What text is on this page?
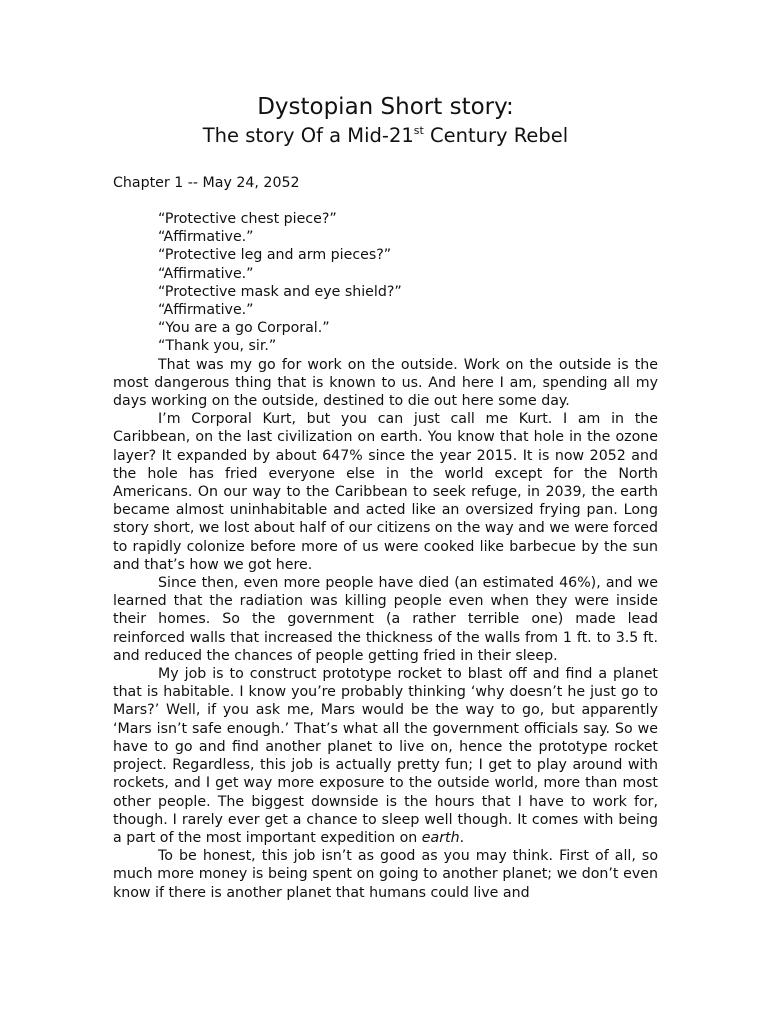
Dystopian Short story:
The story Of a Mid-21st Century Rebel

Chapter 1 -- May 24, 2052

“Protective chest piece?”

“Affirmative.”

“Protective leg and arm pieces?”

“Affirmative.”

“Protective mask and eye shield?”

“Affirmative.”

“You are a go Corporal.”

“Thank you, sir.”

That was my go for work on the outside. Work on the outside is the most dangerous thing that is known to us. And here I am, spending all my days working on the outside, destined to die out here some day.

I’m Corporal Kurt, but you can just call me Kurt. I am in the Caribbean, on the last civilization on earth. You know that hole in the ozone layer? It expanded by about 647% since the year 2015. It is now 2052 and the hole has fried everyone else in the world except for the North Americans. On our way to the Caribbean to seek refuge, in 2039, the earth became almost uninhabitable and acted like an oversized frying pan. Long story short, we lost about half of our citizens on the way and we were forced to rapidly colonize before more of us were cooked like barbecue by the sun and that’s how we got here.

Since then, even more people have died (an estimated 46%), and we learned that the radiation was killing people even when they were inside their homes. So the government (a rather terrible one) made lead reinforced walls that increased the thickness of the walls from 1 ft. to 3.5 ft. and reduced the chances of people getting fried in their sleep.

My job is to construct prototype rocket to blast off and find a planet that is habitable. I know you’re probably thinking ‘why doesn’t he just go to Mars?’ Well, if you ask me, Mars would be the way to go, but apparently ‘Mars isn’t safe enough.’ That’s what all the government officials say. So we have to go and find another planet to live on, hence the prototype rocket project. Regardless, this job is actually pretty fun; I get to play around with rockets, and I get way more exposure to the outside world, more than most other people. The biggest downside is the hours that I have to work for, though. I rarely ever get a chance to sleep well though. It comes with being a part of the most important expedition on earth.

To be honest, this job isn’t as good as you may think. First of all, so much more money is being spent on going to another planet; we don’t even know if there is another planet that humans could live and
